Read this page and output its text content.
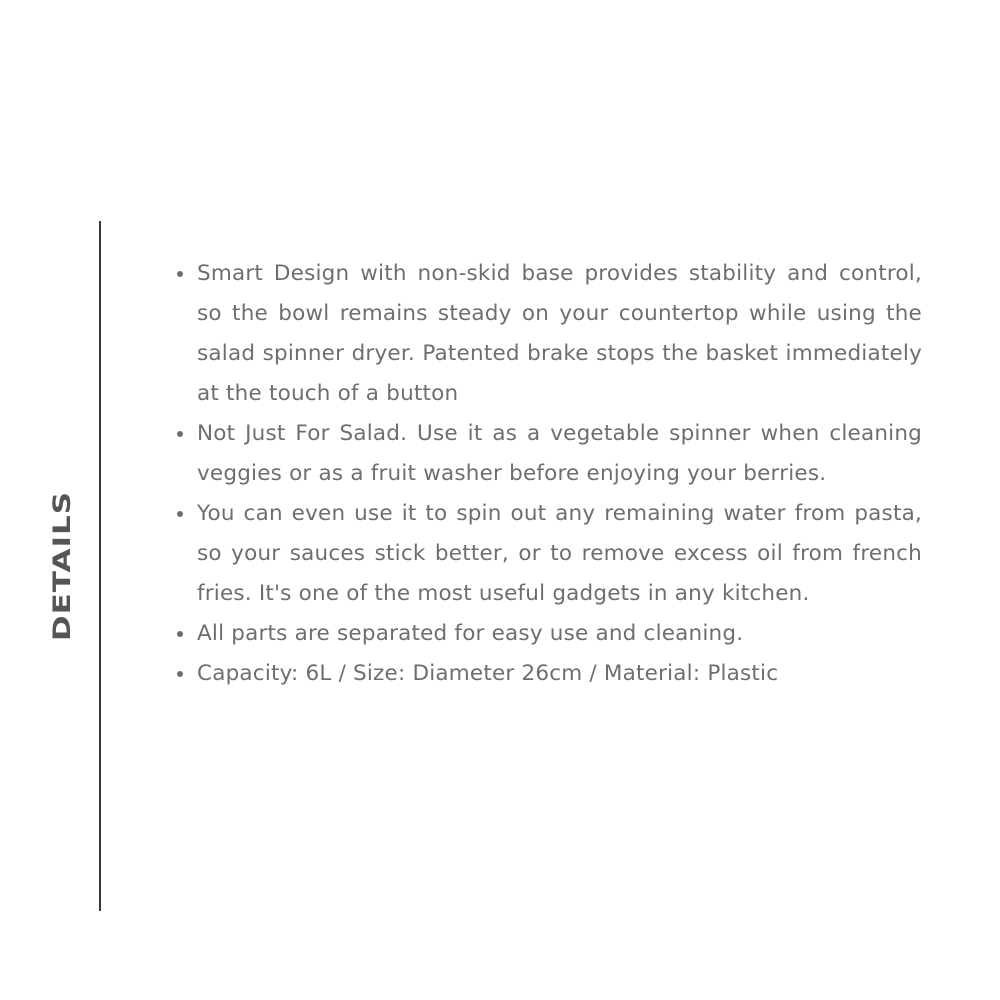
DETAILS
Smart Design with non-skid base provides stability and control, so the bowl remains steady on your countertop while using the salad spinner dryer. Patented brake stops the basket immediately at the touch of a button
Not Just For Salad. Use it as a vegetable spinner when cleaning veggies or as a fruit washer before enjoying your berries.
You can even use it to spin out any remaining water from pasta, so your sauces stick better, or to remove excess oil from french fries. It's one of the most useful gadgets in any kitchen.
All parts are separated for easy use and cleaning.
Capacity: 6L / Size: Diameter 26cm / Material: Plastic
